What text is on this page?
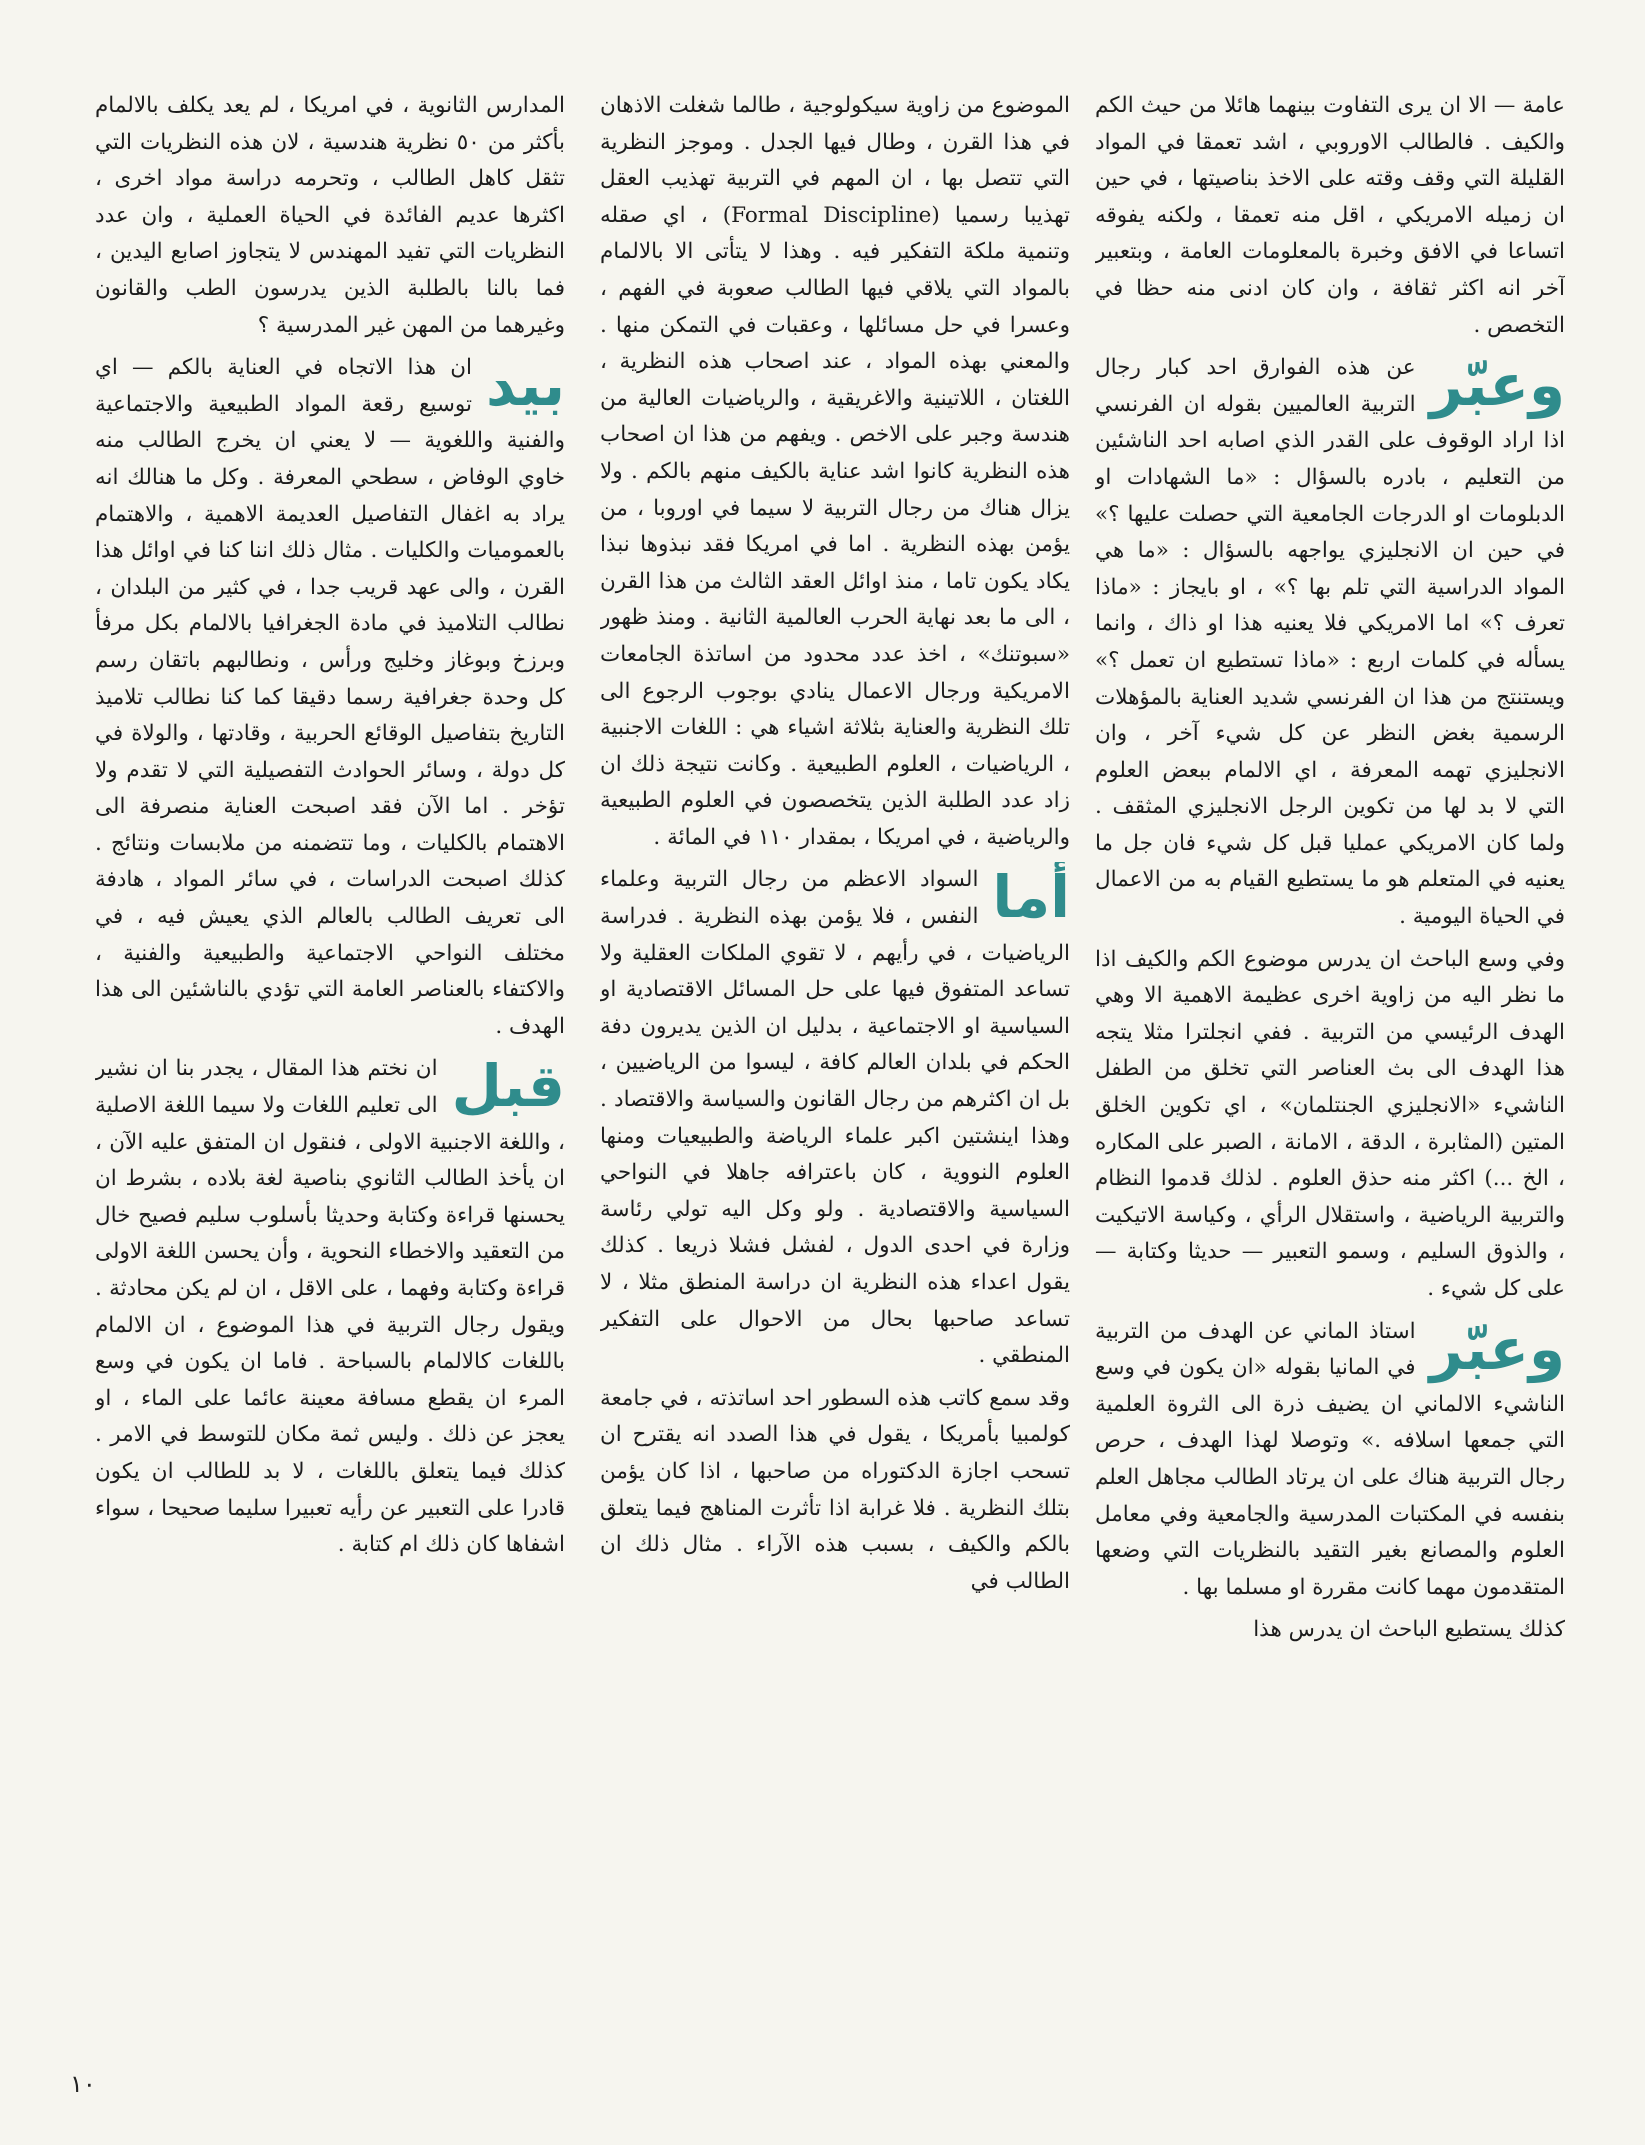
عامة — الا ان يرى التفاوت بينهما هائلا من حيث الكم والكيف . فالطالب الاوروبي ، اشد تعمقا في المواد القليلة التي وقف وقته على الاخذ بناصيتها ، في حين ان زميله الامريكي ، اقل منه تعمقا ، ولكنه يفوقه اتساعا في الافق وخبرة بالمعلومات العامة ، وبتعبير آخر انه اكثر ثقافة ، وان كان ادنى منه حظا في التخصص .

وعبّر
عن هذه الفوارق احد كبار رجال التربية العالميين بقوله ان الفرنسي اذا اراد الوقوف على القدر الذي اصابه احد الناشئين من التعليم ، بادره بالسؤال : «ما الشهادات او الدبلومات او الدرجات الجامعية التي حصلت عليها ؟» في حين ان الانجليزي يواجهه بالسؤال : «ما هي المواد الدراسية التي تلم بها ؟» ، او بايجاز : «ماذا تعرف ؟» اما الامريكي فلا يعنيه هذا او ذاك ، وانما يسأله في كلمات اربع : «ماذا تستطيع ان تعمل ؟» ويستنتج من هذا ان الفرنسي شديد العناية بالمؤهلات الرسمية بغض النظر عن كل شيء آخر ، وان الانجليزي تهمه المعرفة ، اي الالمام ببعض العلوم التي لا بد لها من تكوين الرجل الانجليزي المثقف . ولما كان الامريكي عمليا قبل كل شيء فان جل ما يعنيه في المتعلم هو ما يستطيع القيام به من الاعمال في الحياة اليومية .

وفي وسع الباحث ان يدرس موضوع الكم والكيف اذا ما نظر اليه من زاوية اخرى عظيمة الاهمية الا وهي الهدف الرئيسي من التربية . ففي انجلترا مثلا يتجه هذا الهدف الى بث العناصر التي تخلق من الطفل الناشيء «الانجليزي الجنتلمان» ، اي تكوين الخلق المتين (المثابرة ، الدقة ، الامانة ، الصبر على المكاره ، الخ ...) اكثر منه حذق العلوم . لذلك قدموا النظام والتربية الرياضية ، واستقلال الرأي ، وكياسة الاتيكيت ، والذوق السليم ، وسمو التعبير — حديثا وكتابة — على كل شيء .

وعبّر
استاذ الماني عن الهدف من التربية في المانيا بقوله «ان يكون في وسع الناشيء الالماني ان يضيف ذرة الى الثروة العلمية التي جمعها اسلافه .» وتوصلا لهذا الهدف ، حرص رجال التربية هناك على ان يرتاد الطالب مجاهل العلم بنفسه في المكتبات المدرسية والجامعية وفي معامل العلوم والمصانع بغير التقيد بالنظريات التي وضعها المتقدمون مهما كانت مقررة او مسلما بها .

كذلك يستطيع الباحث ان يدرس هذا

الموضوع من زاوية سيكولوجية ، طالما شغلت الاذهان في هذا القرن ، وطال فيها الجدل . وموجز النظرية التي تتصل بها ، ان المهم في التربية تهذيب العقل تهذيبا رسميا (Formal Discipline) ، اي صقله وتنمية ملكة التفكير فيه . وهذا لا يتأتى الا بالالمام بالمواد التي يلاقي فيها الطالب صعوبة في الفهم ، وعسرا في حل مسائلها ، وعقبات في التمكن منها . والمعني بهذه المواد ، عند اصحاب هذه النظرية ، اللغتان ، اللاتينية والاغريقية ، والرياضيات العالية من هندسة وجبر على الاخص . ويفهم من هذا ان اصحاب هذه النظرية كانوا اشد عناية بالكيف منهم بالكم . ولا يزال هناك من رجال التربية لا سيما في اوروبا ، من يؤمن بهذه النظرية . اما في امريكا فقد نبذوها نبذا يكاد يكون تاما ، منذ اوائل العقد الثالث من هذا القرن ، الى ما بعد نهاية الحرب العالمية الثانية . ومنذ ظهور «سبوتنك» ، اخذ عدد محدود من اساتذة الجامعات الامريكية ورجال الاعمال ينادي بوجوب الرجوع الى تلك النظرية والعناية بثلاثة اشياء هي : اللغات الاجنبية ، الرياضيات ، العلوم الطبيعية . وكانت نتيجة ذلك ان زاد عدد الطلبة الذين يتخصصون في العلوم الطبيعية والرياضية ، في امريكا ، بمقدار ١١٠ في المائة .

أما
السواد الاعظم من رجال التربية وعلماء النفس ، فلا يؤمن بهذه النظرية . فدراسة الرياضيات ، في رأيهم ، لا تقوي الملكات العقلية ولا تساعد المتفوق فيها على حل المسائل الاقتصادية او السياسية او الاجتماعية ، بدليل ان الذين يديرون دفة الحكم في بلدان العالم كافة ، ليسوا من الرياضيين ، بل ان اكثرهم من رجال القانون والسياسة والاقتصاد . وهذا اينشتين اكبر علماء الرياضة والطبيعيات ومنها العلوم النووية ، كان باعترافه جاهلا في النواحي السياسية والاقتصادية . ولو وكل اليه تولي رئاسة وزارة في احدى الدول ، لفشل فشلا ذريعا . كذلك يقول اعداء هذه النظرية ان دراسة المنطق مثلا ، لا تساعد صاحبها بحال من الاحوال على التفكير المنطقي .

وقد سمع كاتب هذه السطور احد اساتذته ، في جامعة كولمبيا بأمريكا ، يقول في هذا الصدد انه يقترح ان تسحب اجازة الدكتوراه من صاحبها ، اذا كان يؤمن بتلك النظرية . فلا غرابة اذا تأثرت المناهج فيما يتعلق بالكم والكيف ، بسبب هذه الآراء . مثال ذلك ان الطالب في

المدارس الثانوية ، في امريكا ، لم يعد يكلف بالالمام بأكثر من ٥٠ نظرية هندسية ، لان هذه النظريات التي تثقل كاهل الطالب ، وتحرمه دراسة مواد اخرى ، اكثرها عديم الفائدة في الحياة العملية ، وان عدد النظريات التي تفيد المهندس لا يتجاوز اصابع اليدين ، فما بالنا بالطلبة الذين يدرسون الطب والقانون وغيرهما من المهن غير المدرسية ؟

بيد
ان هذا الاتجاه في العناية بالكم — اي توسيع رقعة المواد الطبيعية والاجتماعية والفنية واللغوية — لا يعني ان يخرج الطالب منه خاوي الوفاض ، سطحي المعرفة . وكل ما هنالك انه يراد به اغفال التفاصيل العديمة الاهمية ، والاهتمام بالعموميات والكليات . مثال ذلك اننا كنا في اوائل هذا القرن ، والى عهد قريب جدا ، في كثير من البلدان ، نطالب التلاميذ في مادة الجغرافيا بالالمام بكل مرفأ وبرزخ وبوغاز وخليج ورأس ، ونطالبهم باتقان رسم كل وحدة جغرافية رسما دقيقا كما كنا نطالب تلاميذ التاريخ بتفاصيل الوقائع الحربية ، وقادتها ، والولاة في كل دولة ، وسائر الحوادث التفصيلية التي لا تقدم ولا تؤخر . اما الآن فقد اصبحت العناية منصرفة الى الاهتمام بالكليات ، وما تتضمنه من ملابسات ونتائج . كذلك اصبحت الدراسات ، في سائر المواد ، هادفة الى تعريف الطالب بالعالم الذي يعيش فيه ، في مختلف النواحي الاجتماعية والطبيعية والفنية ، والاكتفاء بالعناصر العامة التي تؤدي بالناشئين الى هذا الهدف .

قبل
ان نختم هذا المقال ، يجدر بنا ان نشير الى تعليم اللغات ولا سيما اللغة الاصلية ، واللغة الاجنبية الاولى ، فنقول ان المتفق عليه الآن ، ان يأخذ الطالب الثانوي بناصية لغة بلاده ، بشرط ان يحسنها قراءة وكتابة وحديثا بأسلوب سليم فصيح خال من التعقيد والاخطاء النحوية ، وأن يحسن اللغة الاولى قراءة وكتابة وفهما ، على الاقل ، ان لم يكن محادثة . ويقول رجال التربية في هذا الموضوع ، ان الالمام باللغات كالالمام بالسباحة . فاما ان يكون في وسع المرء ان يقطع مسافة معينة عائما على الماء ، او يعجز عن ذلك . وليس ثمة مكان للتوسط في الامر . كذلك فيما يتعلق باللغات ، لا بد للطالب ان يكون قادرا على التعبير عن رأيه تعبيرا سليما صحيحا ، سواء اشفاها كان ذلك ام كتابة .

١٠
